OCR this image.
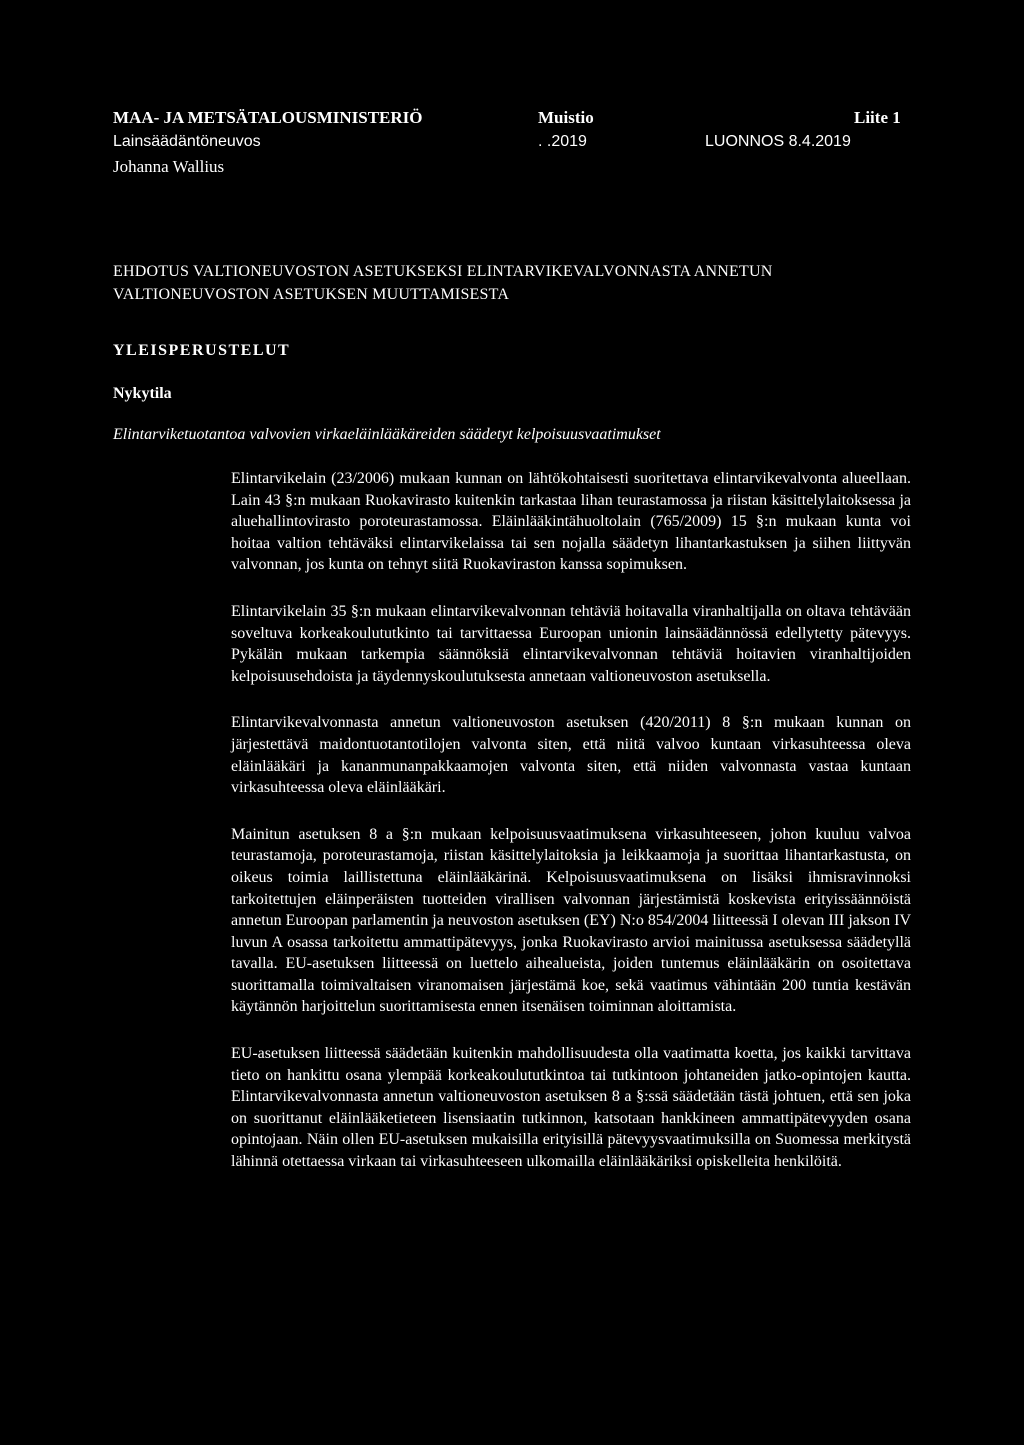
MAA- JA METSÄTALOUSMINISTERIÖ	Muistio	Liite 1
Lainsäädäntöneuvos	. .2019	LUONNOS 8.4.2019
Johanna Wallius
EHDOTUS VALTIONEUVOSTON ASETUKSEKSI ELINTARVIKEVALVONNASTA ANNETUN VALTIONEUVOSTON ASETUKSEN MUUTTAMISESTA
YLEISPERUSTELUT
Nykytila
Elintarviketuotantoa valvovien virkaeläinlääkäreiden säädetyt kelpoisuusvaatimukset

Elintarvikelain (23/2006) mukaan kunnan on lähtökohtaisesti suoritettava elintarvikevalvonta alueellaan. Lain 43 §:n mukaan Ruokavirasto kuitenkin tarkastaa lihan teurastamossa ja riistan käsittelylaitoksessa ja aluehallintovirasto poroteurastamossa. Eläinlääkintähuoltolain (765/2009) 15 §:n mukaan kunta voi hoitaa valtion tehtäväksi elintarvikelaissa tai sen nojalla säädetyn lihantarkastuksen ja siihen liittyvän valvonnan, jos kunta on tehnyt siitä Ruokaviraston kanssa sopimuksen.

Elintarvikelain 35 §:n mukaan elintarvikevalvonnan tehtäviä hoitavalla viranhaltijalla on oltava tehtävään soveltuva korkeakoulututkinto tai tarvittaessa Euroopan unionin lainsäädännössä edellytetty pätevyys. Pykälän mukaan tarkempia säännöksiä elintarvikevalvonnan tehtäviä hoitavien viranhaltijoiden kelpoisuusehdoista ja täydennyskoulutuksesta annetaan valtioneuvoston asetuksella.

Elintarvikevalvonnasta annetun valtioneuvoston asetuksen (420/2011) 8 §:n mukaan kunnan on järjestettävä maidontuotantotilojen valvonta siten, että niitä valvoo kuntaan virkasuhteessa oleva eläinlääkäri ja kananmunanpakkaamojen valvonta siten, että niiden valvonnasta vastaa kuntaan virkasuhteessa oleva eläinlääkäri.

Mainitun asetuksen 8 a §:n mukaan kelpoisuusvaatimuksena virkasuhteeseen, johon kuuluu valvoa teurastamoja, poroteurastamoja, riistan käsittelylaitoksia ja leikkaamoja ja suorittaa lihantarkastusta, on oikeus toimia laillistettuna eläinlääkärinä. Kelpoisuusvaatimuksena on lisäksi ihmisravinnoksi tarkoitettujen eläinperäisten tuotteiden virallisen valvonnan järjestämistä koskevista erityissäännöistä annetun Euroopan parlamentin ja neuvoston asetuksen (EY) N:o 854/2004 liitteessä I olevan III jakson IV luvun A osassa tarkoitettu ammattipätevyys, jonka Ruokavirasto arvioi mainitussa asetuksessa säädetyllä tavalla. EU-asetuksen liitteessä on luettelo aihealueista, joiden tuntemus eläinlääkärin on osoitettava suorittamalla toimivaltaisen viranomaisen järjestämä koe, sekä vaatimus vähintään 200 tuntia kestävän käytännön harjoittelun suorittamisesta ennen itsenäisen toiminnan aloittamista.

EU-asetuksen liitteessä säädetään kuitenkin mahdollisuudesta olla vaatimatta koetta, jos kaikki tarvittava tieto on hankittu osana ylempää korkeakoulututkintoa tai tutkintoon johtaneiden jatko-opintojen kautta. Elintarvikevalvonnasta annetun valtioneuvoston asetuksen 8 a §:ssä säädetään tästä johtuen, että sen joka on suorittanut eläinlääketieteen lisensiaatin tutkinnon, katsotaan hankkineen ammattipätevyyden osana opintojaan. Näin ollen EU-asetuksen mukaisilla erityisillä pätevyysvaatimuksilla on Suomessa merkitystä lähinnä otettaessa virkaan tai virkasuhteeseen ulkomailla eläinlääkäriksi opiskelleita henkilöitä.
